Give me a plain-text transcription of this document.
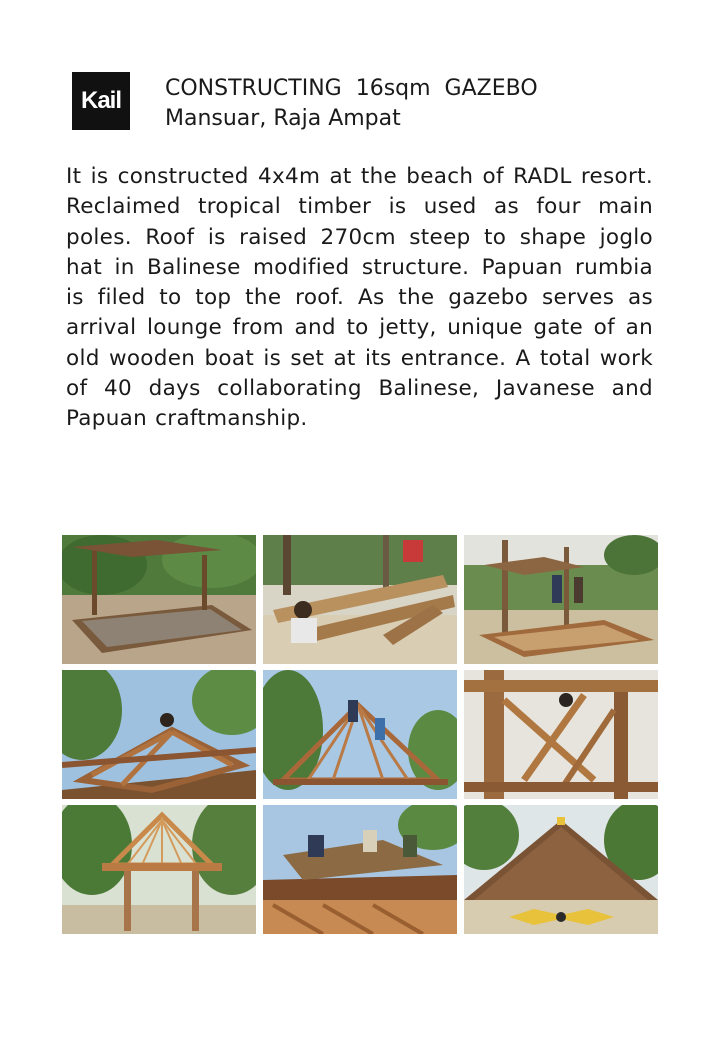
Kail CONSTRUCTING  16sqm  GAZEBO
Mansuar, Raja Ampat
It is constructed 4x4m at the beach of RADL resort. Reclaimed tropical timber is used as four main poles. Roof is raised 270cm steep to shape joglo hat in Balinese modified structure. Papuan rumbia is filed to top the roof. As the gazebo serves as arrival lounge from and to jetty, unique gate of an old wooden boat is set at its entrance. A total work of 40 days collaborating Balinese, Javanese and Papuan craftmanship.
